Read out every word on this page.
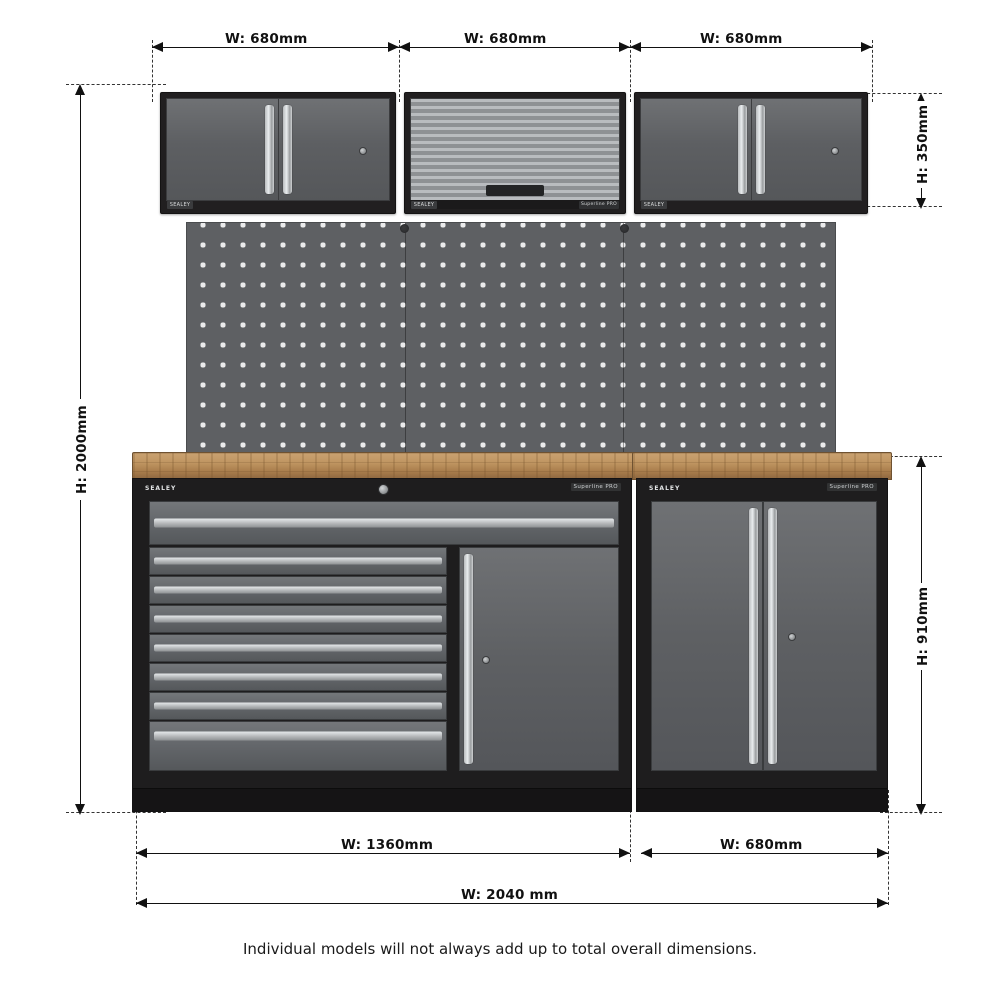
W: 680mm	W: 680mm	W: 680mm
H: 2000mm
H: 350mm
H: 910mm
W: 1360mm	W: 680mm
W: 2040 mm
SEALEY	SEALEY	Superline PRO	SEALEY
SEALEY	Superline PRO	SEALEY	Superline PRO
Individual models will not always add up to total overall dimensions.
